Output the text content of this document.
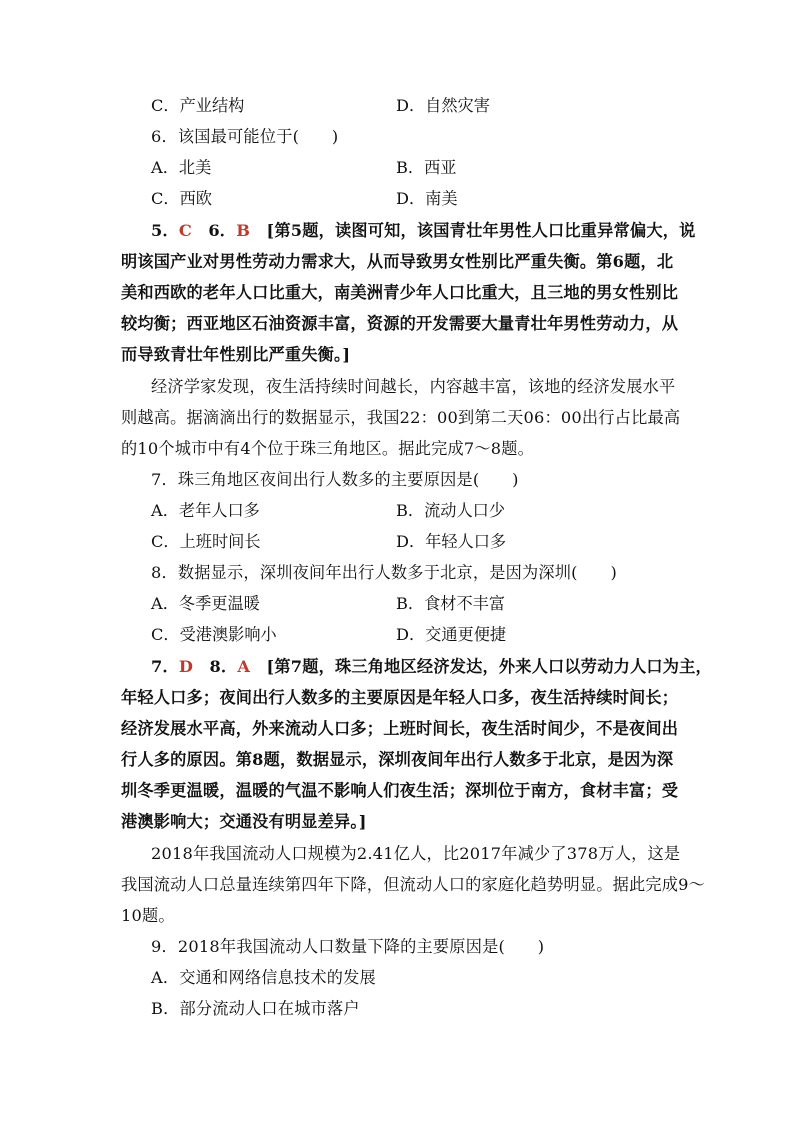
C．产业结构	D．自然灾害
6．该国最可能位于(　　)
A．北美	B．西亚
C．西欧	D．南美
5．C　6．B　[第5题，读图可知，该国青壮年男性人口比重异常偏大，说
明该国产业对男性劳动力需求大，从而导致男女性别比严重失衡。第6题，北
美和西欧的老年人口比重大，南美洲青少年人口比重大，且三地的男女性别比
较均衡；西亚地区石油资源丰富，资源的开发需要大量青壮年男性劳动力，从
而导致青壮年性别比严重失衡。]
经济学家发现，夜生活持续时间越长，内容越丰富，该地的经济发展水平
则越高。据滴滴出行的数据显示，我国22：00到第二天06：00出行占比最高
的10个城市中有4个位于珠三角地区。据此完成7～8题。
7．珠三角地区夜间出行人数多的主要原因是(　　)
A．老年人口多	B．流动人口少
C．上班时间长	D．年轻人口多
8．数据显示，深圳夜间年出行人数多于北京，是因为深圳(　　)
A．冬季更温暖	B．食材不丰富
C．受港澳影响小	D．交通更便捷
7．D　8．A　[第7题，珠三角地区经济发达，外来人口以劳动力人口为主，
年轻人口多；夜间出行人数多的主要原因是年轻人口多，夜生活持续时间长；
经济发展水平高，外来流动人口多；上班时间长，夜生活时间少，不是夜间出
行人多的原因。第8题，数据显示，深圳夜间年出行人数多于北京，是因为深
圳冬季更温暖，温暖的气温不影响人们夜生活；深圳位于南方，食材丰富；受
港澳影响大；交通没有明显差异。]
2018年我国流动人口规模为2.41亿人，比2017年减少了378万人，这是
我国流动人口总量连续第四年下降，但流动人口的家庭化趋势明显。据此完成9～
10题。
9．2018年我国流动人口数量下降的主要原因是(　　)
A．交通和网络信息技术的发展
B．部分流动人口在城市落户
